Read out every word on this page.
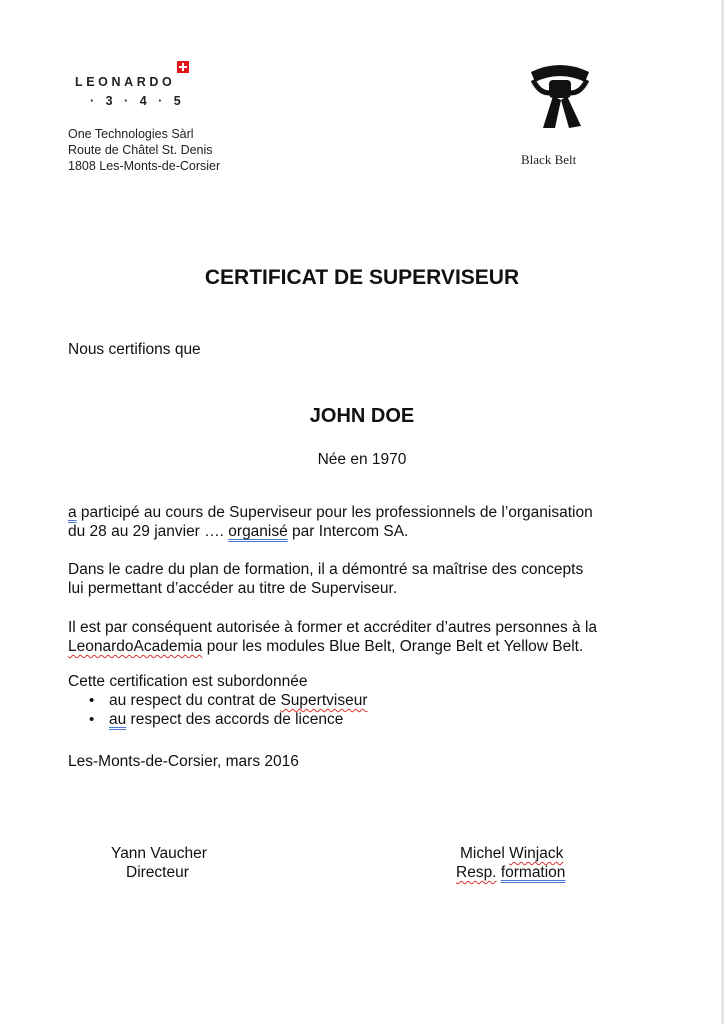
LEONARDO
· 3 · 4 · 5
One Technologies Sàrl
Route de Châtel St. Denis
1808 Les-Monts-de-Corsier	Black Belt
CERTIFICAT DE SUPERVISEUR
Nous certifions que
JOHN DOE
Née en 1970
a participé au cours de Superviseur pour les professionnels de l’organisation
du 28 au 29 janvier …. organisé par Intercom SA.
Dans le cadre du plan de formation, il a démontré sa maîtrise des concepts
lui permettant d’accéder au titre de Superviseur.
Il est par conséquent autorisée à former et accréditer d’autres personnes à la
LeonardoAcademia pour les modules Blue Belt, Orange Belt et Yellow Belt.
Cette certification est subordonnée
• au respect du contrat de Supertviseur
• au respect des accords de licence
Les-Monts-de-Corsier, mars 2016
Yann Vaucher
Directeur
Michel Winjack
Resp. formation
